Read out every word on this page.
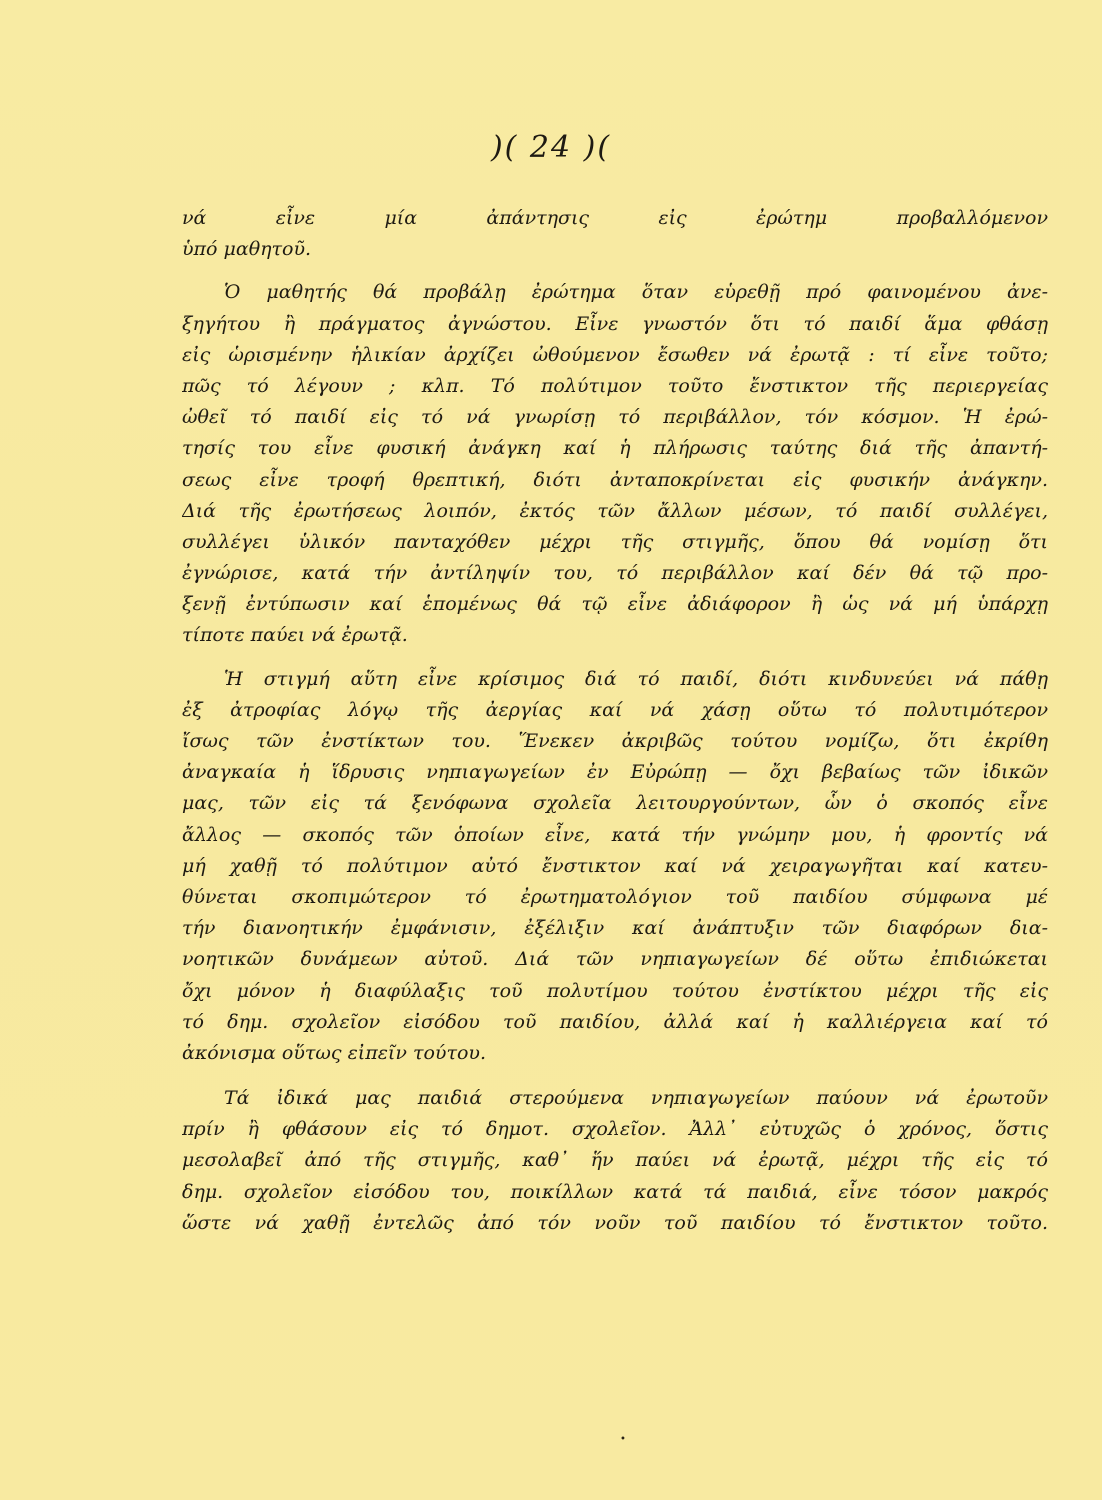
)( 24 )(
νά εἶνε μία ἀπάντησις εἰς ἐρώτημ προβαλλόμενον
ὑπό μαθητοῦ.
Ὁ μαθητής θά προβάλῃ ἐρώτημα ὅταν εὑρεθῇ πρό φαινομένου ἀνε-
ξηγήτου ἢ πράγματος ἀγνώστου. Εἶνε γνωστόν ὅτι τό παιδί ἅμα φθάσῃ
εἰς ὡρισμένην ἡλικίαν ἀρχίζει ὠθούμενον ἔσωθεν νά ἐρωτᾷ : τί εἶνε τοῦτο;
πῶς τό λέγουν ; κλπ. Τό πολύτιμον τοῦτο ἔνστικτον τῆς περιεργείας
ὠθεῖ τό παιδί εἰς τό νά γνωρίσῃ τό περιβάλλον, τόν κόσμον. Ἡ ἐρώ-
τησίς του εἶνε φυσική ἀνάγκη καί ἡ πλήρωσις ταύτης διά τῆς ἀπαντή-
σεως εἶνε τροφή θρεπτική, διότι ἀνταποκρίνεται εἰς φυσικήν ἀνάγκην.
Διά τῆς ἐρωτήσεως λοιπόν, ἐκτός τῶν ἄλλων μέσων, τό παιδί συλλέγει,
συλλέγει ὑλικόν πανταχόθεν μέχρι τῆς στιγμῆς, ὅπου θά νομίσῃ ὅτι
ἐγνώρισε, κατά τήν ἀντίληψίν του, τό περιβάλλον καί δέν θά τῷ προ-
ξενῇ ἐντύπωσιν καί ἑπομένως θά τῷ εἶνε ἀδιάφορον ἢ ὡς νά μή ὑπάρχῃ
τίποτε παύει νά ἐρωτᾷ.
Ἡ στιγμή αὕτη εἶνε κρίσιμος διά τό παιδί, διότι κινδυνεύει νά πάθῃ
ἐξ ἀτροφίας λόγῳ τῆς ἀεργίας καί νά χάσῃ οὕτω τό πολυτιμότερον
ἴσως τῶν ἐνστίκτων του. Ἕνεκεν ἀκριβῶς τούτου νομίζω, ὅτι ἐκρίθη
ἀναγκαία ἡ ἵδρυσις νηπιαγωγείων ἐν Εὐρώπῃ — ὄχι βεβαίως τῶν ἰδικῶν
μας, τῶν εἰς τά ξενόφωνα σχολεῖα λειτουργούντων, ὧν ὁ σκοπός εἶνε
ἄλλος — σκοπός τῶν ὁποίων εἶνε, κατά τήν γνώμην μου, ἡ φροντίς νά
μή χαθῇ τό πολύτιμον αὐτό ἔνστικτον καί νά χειραγωγῆται καί κατευ-
θύνεται σκοπιμώτερον τό ἐρωτηματολόγιον τοῦ παιδίου σύμφωνα μέ
τήν διανοητικήν ἐμφάνισιν, ἐξέλιξιν καί ἀνάπτυξιν τῶν διαφόρων δια-
νοητικῶν δυνάμεων αὐτοῦ. Διά τῶν νηπιαγωγείων δέ οὕτω ἐπιδιώκεται
ὄχι μόνον ἡ διαφύλαξις τοῦ πολυτίμου τούτου ἐνστίκτου μέχρι τῆς εἰς
τό δημ. σχολεῖον εἰσόδου τοῦ παιδίου, ἀλλά καί ἡ καλλιέργεια καί τό
ἀκόνισμα οὕτως εἰπεῖν τούτου.
Τά ἰδικά μας παιδιά στερούμενα νηπιαγωγείων παύουν νά ἐρωτοῦν
πρίν ἢ φθάσουν εἰς τό δημοτ. σχολεῖον. Ἀλλ᾽ εὐτυχῶς ὁ χρόνος, ὅστις
μεσολαβεῖ ἀπό τῆς στιγμῆς, καθ᾽ ἥν παύει νά ἐρωτᾷ, μέχρι τῆς εἰς τό
δημ. σχολεῖον εἰσόδου του, ποικίλλων κατά τά παιδιά, εἶνε τόσον μακρός
ὥστε νά χαθῇ ἐντελῶς ἀπό τόν νοῦν τοῦ παιδίου τό ἔνστικτον τοῦτο.
•
